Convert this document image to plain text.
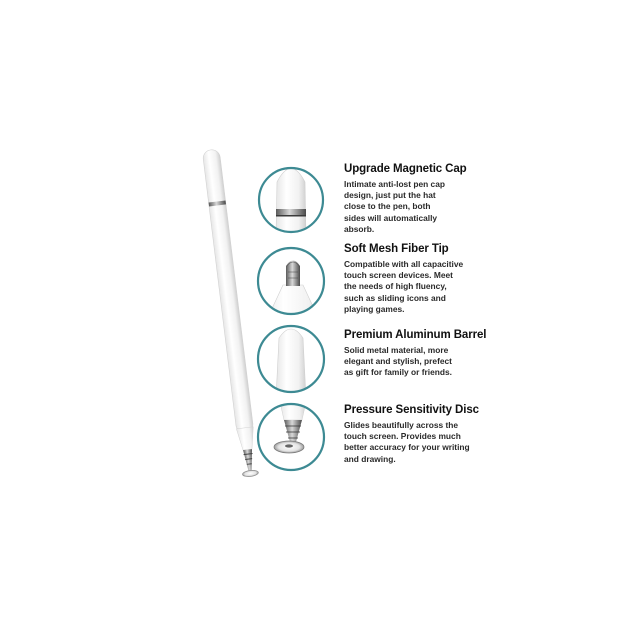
Upgrade Magnetic Cap

Intimate anti-lost pen cap
design, just put the hat
close to the pen, both
sides will automatically
absorb.

Soft Mesh Fiber Tip

Compatible with all capacitive
touch screen devices. Meet
the needs of high fluency,
such as sliding icons and
playing games.

Premium Aluminum Barrel

Solid metal material, more
elegant and stylish, prefect
as gift for family or friends.

Pressure Sensitivity Disc

Glides beautifully across the
touch screen. Provides much
better accuracy for your writing
and drawing.
